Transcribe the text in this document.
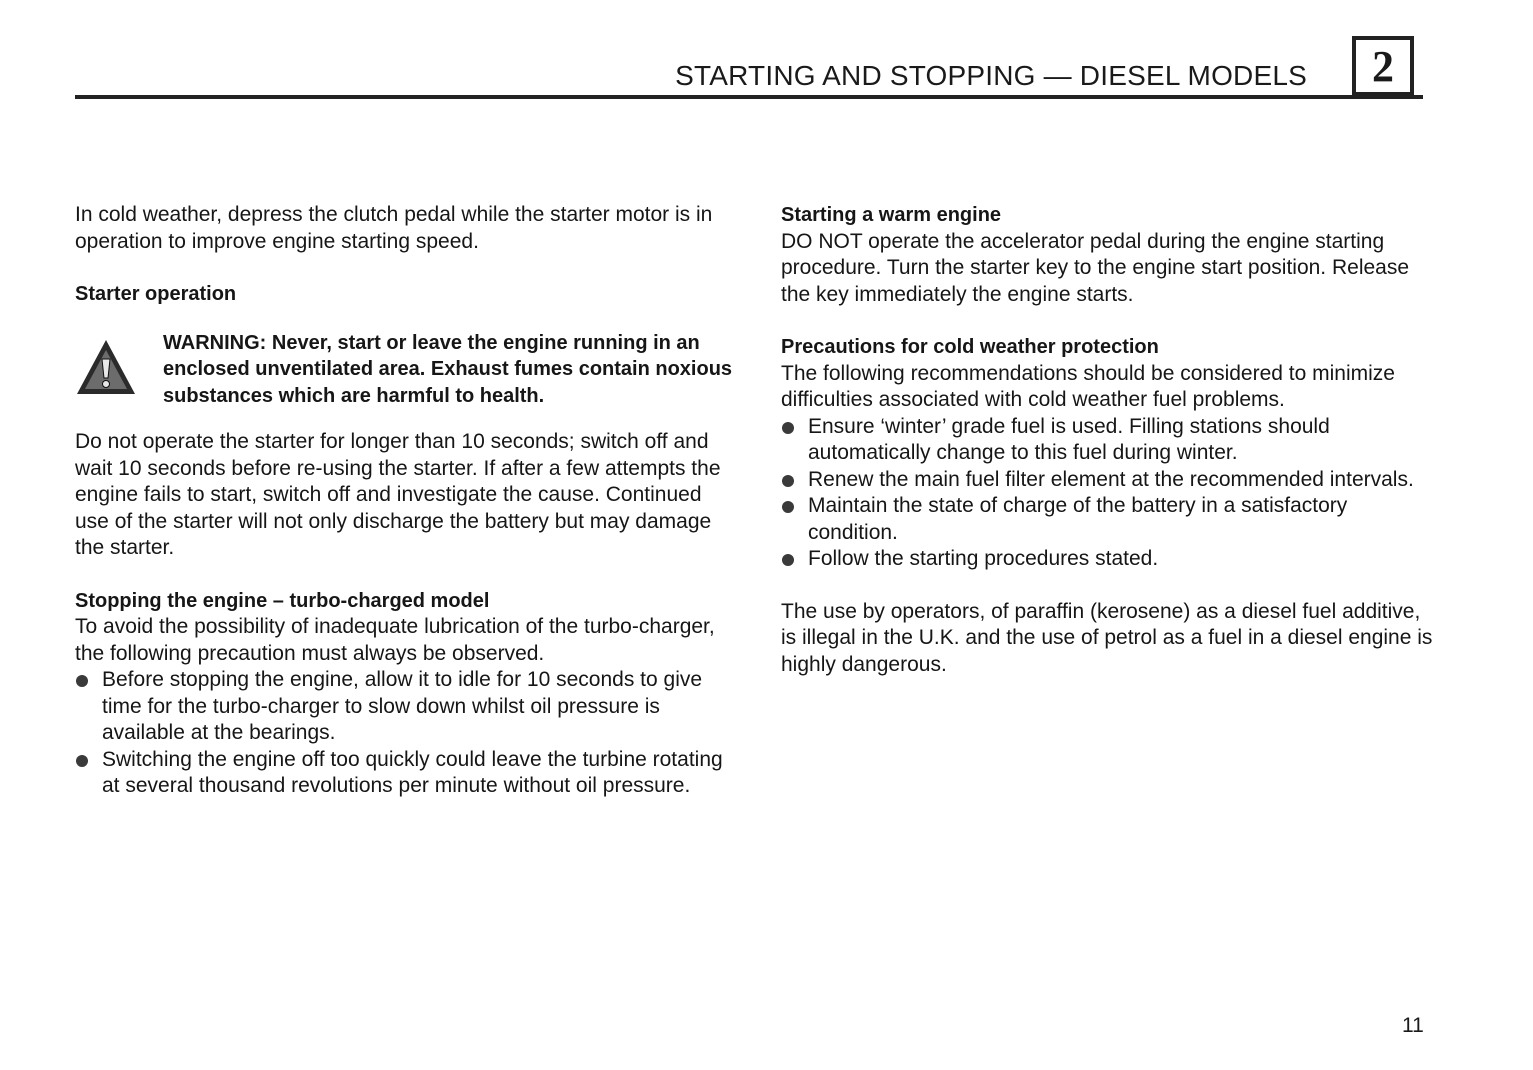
STARTING AND STOPPING — DIESEL MODELS	2

In cold weather, depress the clutch pedal while the starter motor is in operation to improve engine starting speed.

Starter operation
WARNING: Never, start or leave the engine running in an enclosed unventilated area. Exhaust fumes contain noxious substances which are harmful to health.

Do not operate the starter for longer than 10 seconds; switch off and wait 10 seconds before re-using the starter. If after a few attempts the engine fails to start, switch off and investigate the cause. Continued use of the starter will not only discharge the battery but may damage the starter.

Stopping the engine – turbo-charged model

To avoid the possibility of inadequate lubrication of the turbo-charger, the following precaution must always be observed.

Before stopping the engine, allow it to idle for 10 seconds to give time for the turbo-charger to slow down whilst oil pressure is available at the bearings.
Switching the engine off too quickly could leave the turbine rotating at several thousand revolutions per minute without oil pressure.
Starting a warm engine

DO NOT operate the accelerator pedal during the engine starting procedure. Turn the starter key to the engine start position. Release the key immediately the engine starts.

Precautions for cold weather protection

The following recommendations should be considered to minimize difficulties associated with cold weather fuel problems.

Ensure ‘winter’ grade fuel is used. Filling stations should automatically change to this fuel during winter.
Renew the main fuel filter element at the recommended intervals.
Maintain the state of charge of the battery in a satisfactory condition.
Follow the starting procedures stated.

The use by operators, of paraffin (kerosene) as a diesel fuel additive, is illegal in the U.K. and the use of petrol as a fuel in a diesel engine is highly dangerous.

11
